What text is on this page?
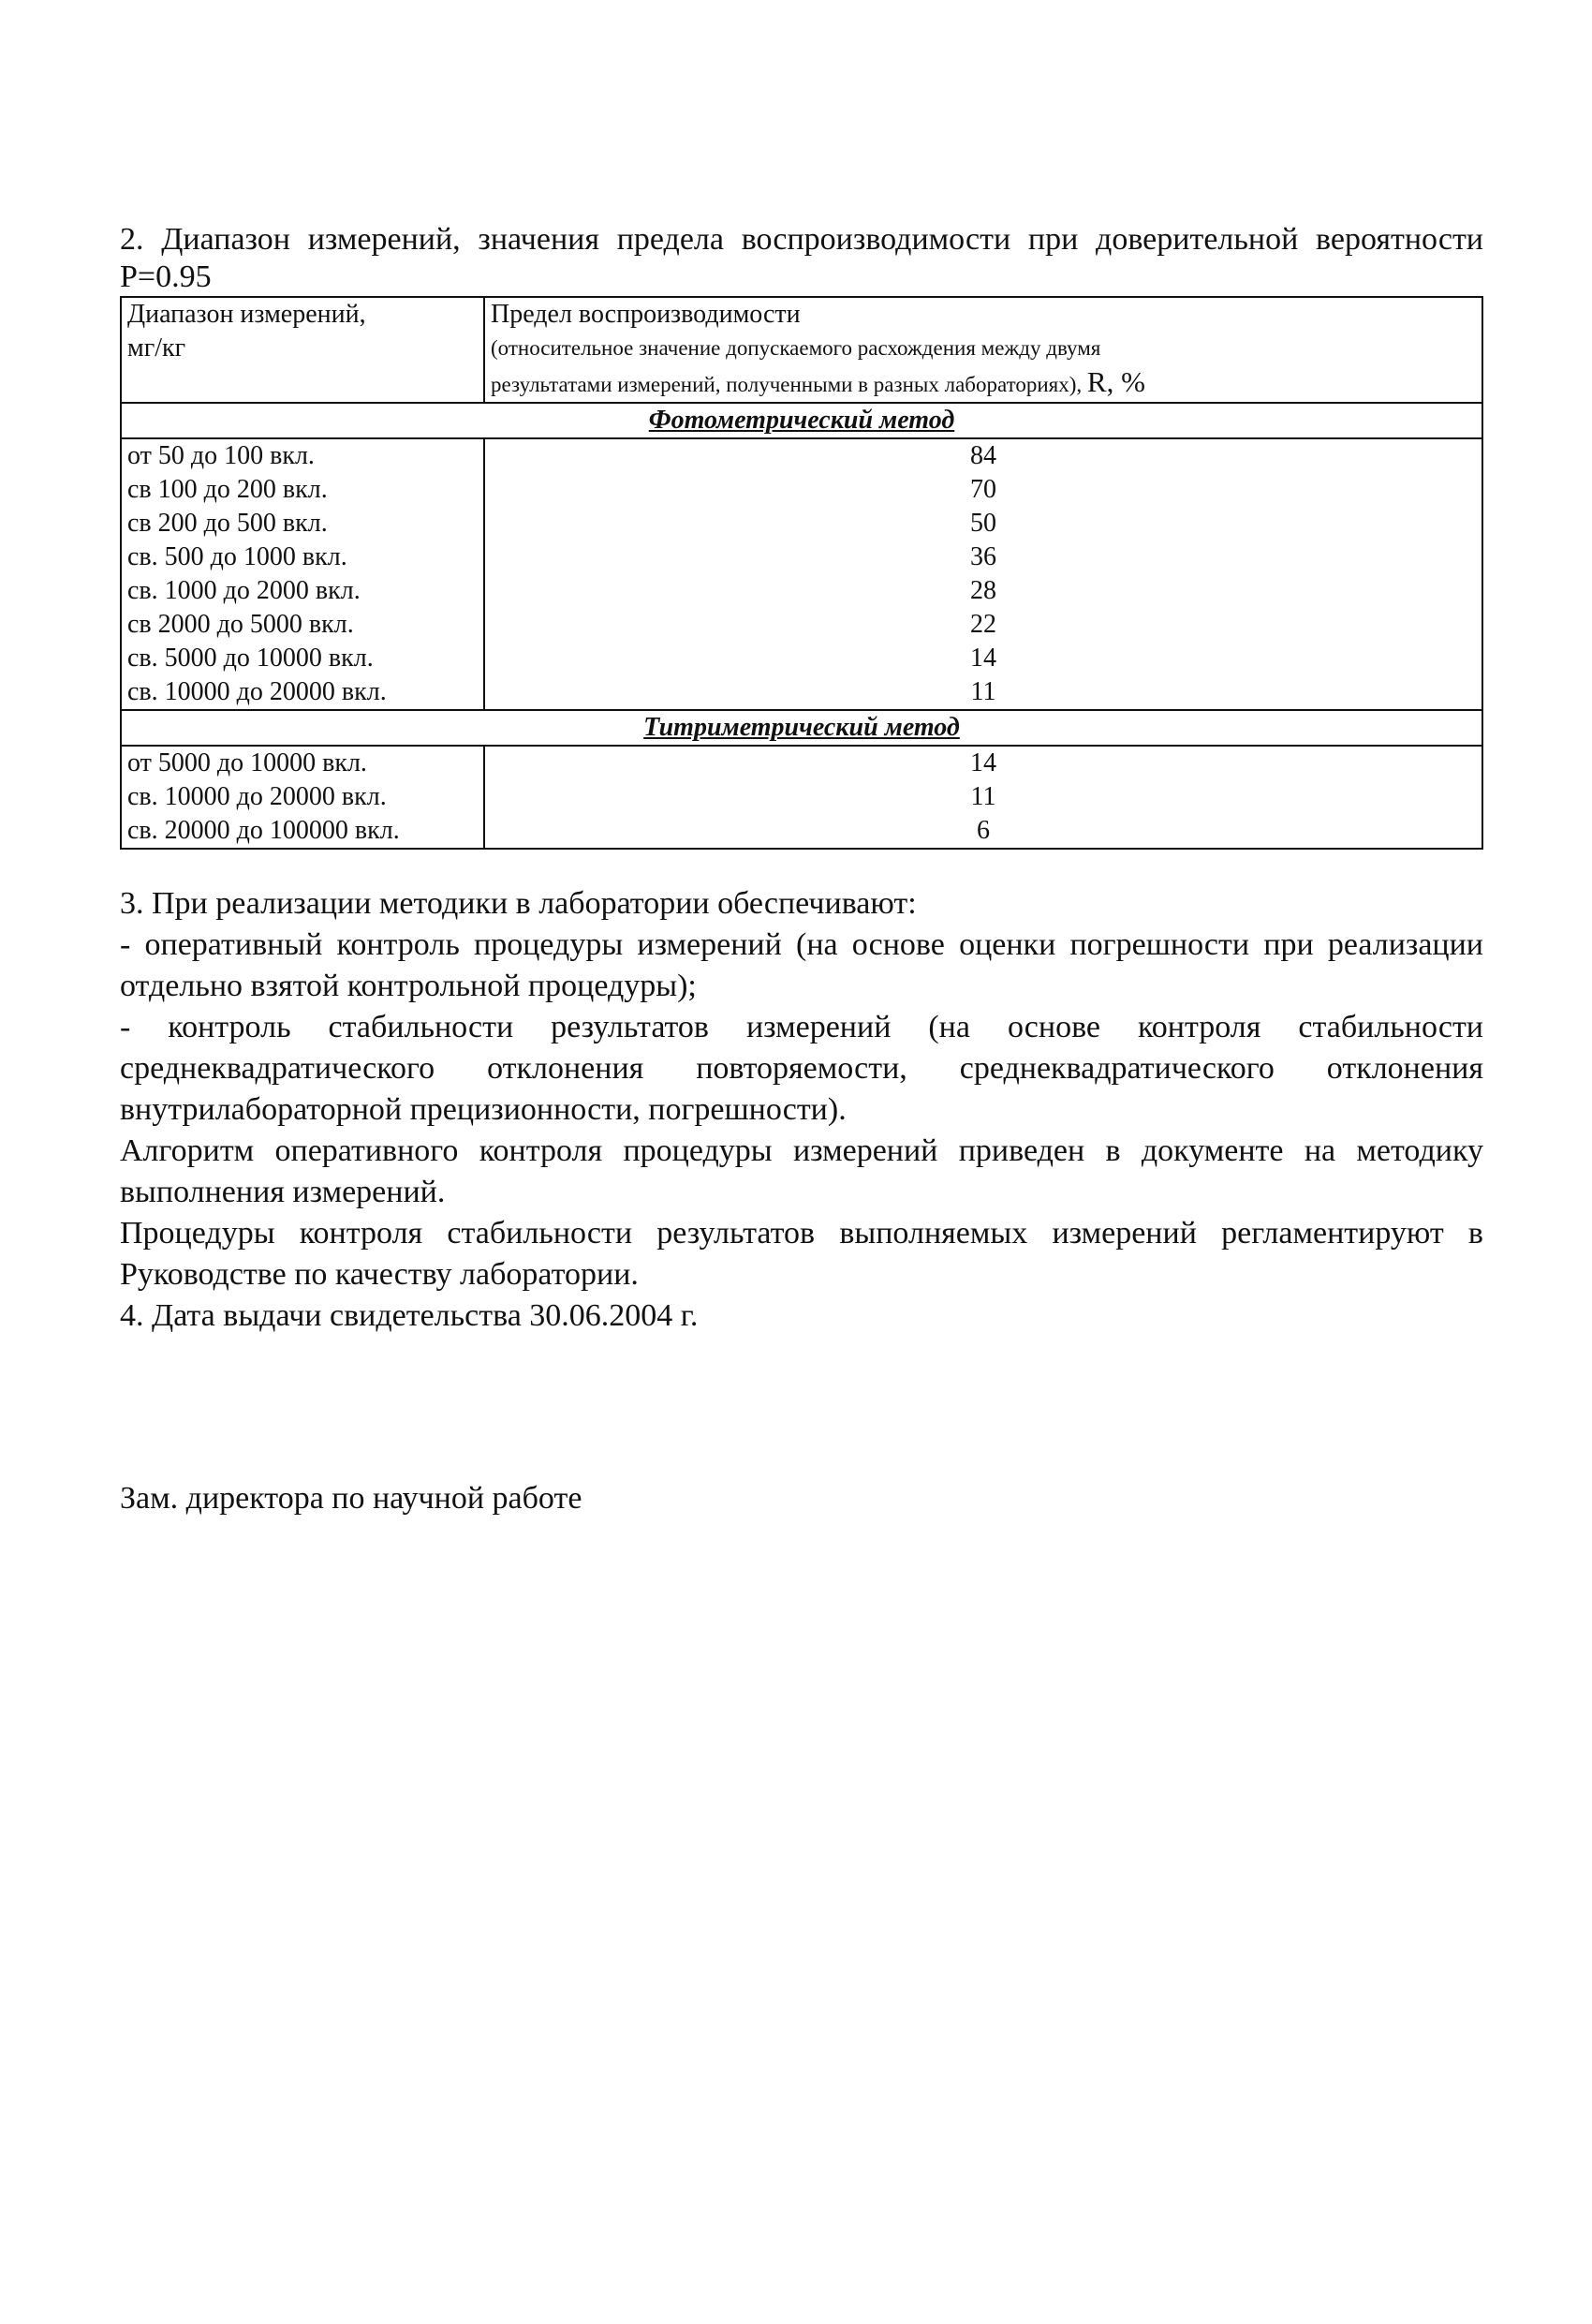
2. Диапазон измерений, значения предела воспроизводимости при доверительной вероятности Р=0.95

Диапазон измерений,
мг/кг	Предел воспроизводимости
(относительное значение допускаемого расхождения между двумя
результатами измерений, полученными в разных лабораториях), R, %

Фотометрический метод	
от 50 до 100 вкл.	84
св 100 до 200 вкл.	70
св 200 до 500 вкл.	50
св. 500 до 1000 вкл.	36
св. 1000 до 2000 вкл.	28
св 2000 до 5000 вкл.	22
св. 5000 до 10000 вкл.	14
св. 10000 до 20000 вкл.	11
Титриметрический метод	
от 5000 до 10000 вкл.	14
св. 10000 до 20000 вкл.	11
св. 20000 до 100000 вкл.	6

3. При реализации методики в лаборатории обеспечивают:

- оперативный контроль процедуры измерений (на основе оценки погрешности при реализации отдельно взятой контрольной процедуры);

- контроль стабильности результатов измерений (на основе контроля стабильности среднеквадратического отклонения повторяемости, среднеквадратического отклонения внутрилабораторной прецизионности, погрешности).

Алгоритм оперативного контроля процедуры измерений приведен в документе на методику выполнения измерений.

Процедуры контроля стабильности результатов выполняемых измерений регламентируют в Руководстве по качеству лаборатории.

4. Дата выдачи свидетельства 30.06.2004 г.

Зам. директора по научной работе
